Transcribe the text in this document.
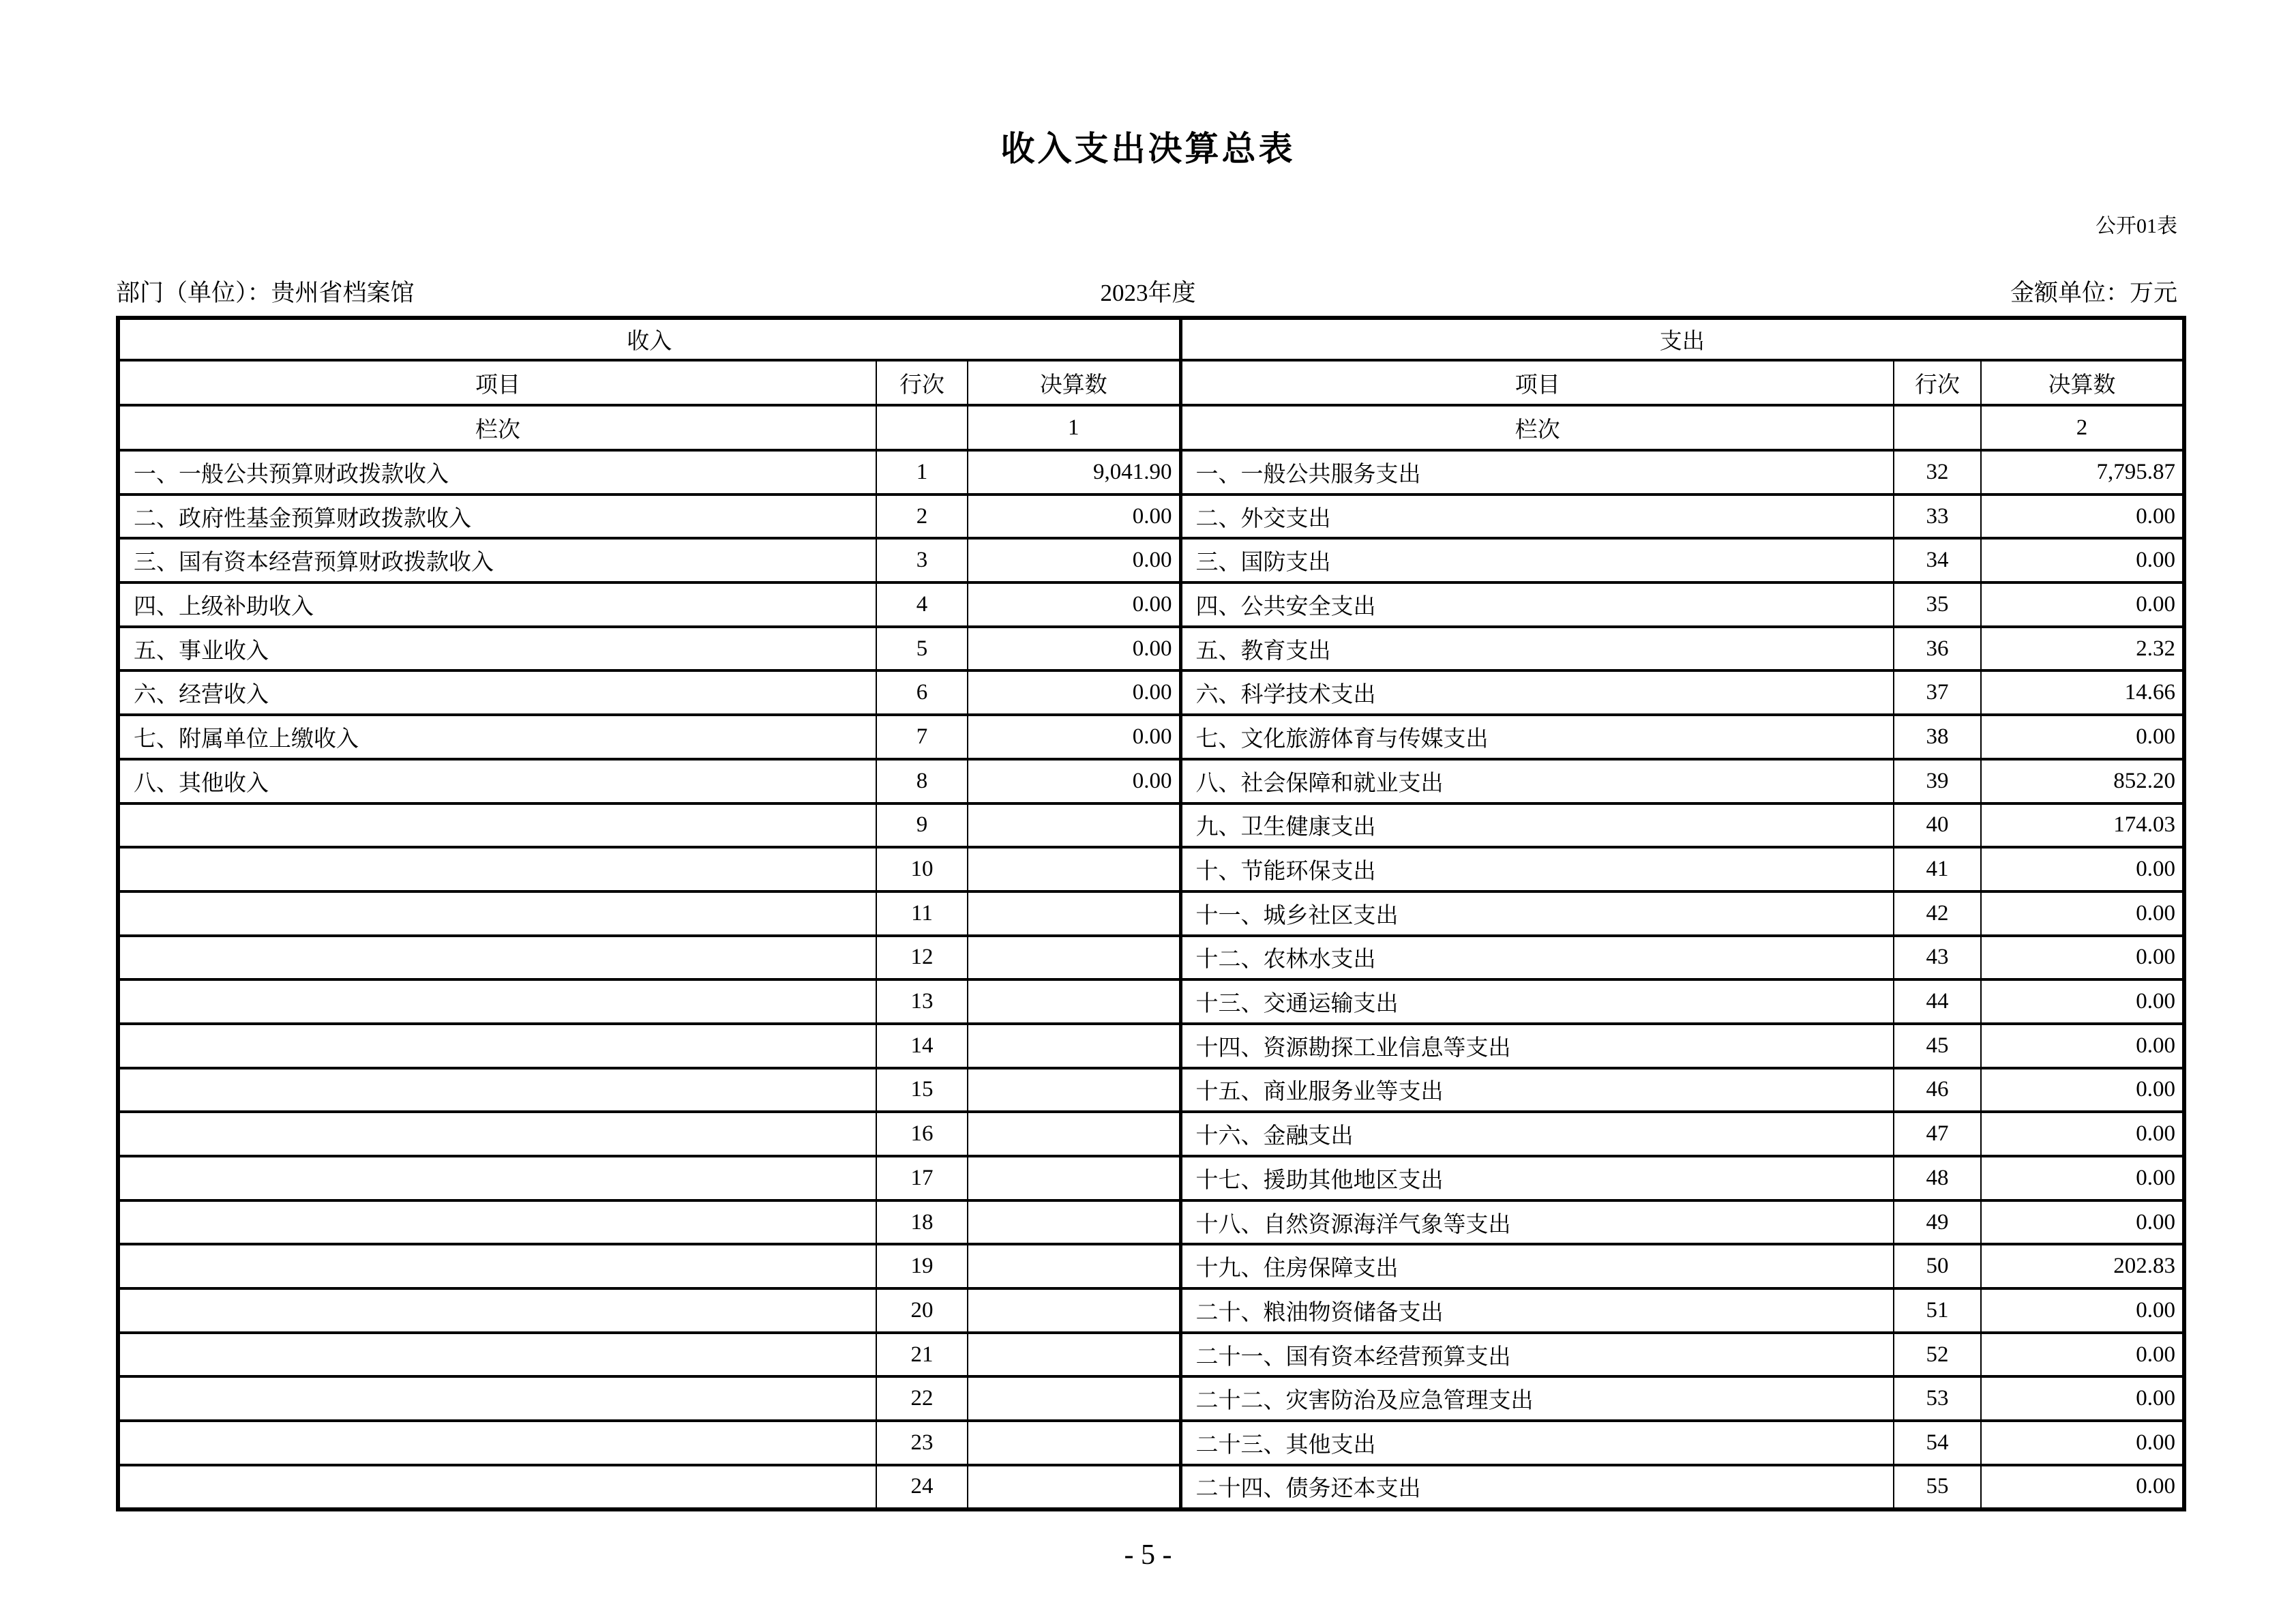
收入支出决算总表
公开01表
部门（单位）：贵州省档案馆	2023年度	金额单位：万元
收入			支出		
项目	行次	决算数	项目	行次	决算数
栏次		1	栏次		2
一、一般公共预算财政拨款收入	1	9,041.90	一、一般公共服务支出	32	7,795.87
二、政府性基金预算财政拨款收入	2	0.00	二、外交支出	33	0.00
三、国有资本经营预算财政拨款收入	3	0.00	三、国防支出	34	0.00
四、上级补助收入	4	0.00	四、公共安全支出	35	0.00
五、事业收入	5	0.00	五、教育支出	36	2.32
六、经营收入	6	0.00	六、科学技术支出	37	14.66
七、附属单位上缴收入	7	0.00	七、文化旅游体育与传媒支出	38	0.00
八、其他收入	8	0.00	八、社会保障和就业支出	39	852.20
	9		九、卫生健康支出	40	174.03
	10		十、节能环保支出	41	0.00
	11		十一、城乡社区支出	42	0.00
	12		十二、农林水支出	43	0.00
	13		十三、交通运输支出	44	0.00
	14		十四、资源勘探工业信息等支出	45	0.00
	15		十五、商业服务业等支出	46	0.00
	16		十六、金融支出	47	0.00
	17		十七、援助其他地区支出	48	0.00
	18		十八、自然资源海洋气象等支出	49	0.00
	19		十九、住房保障支出	50	202.83
	20		二十、粮油物资储备支出	51	0.00
	21		二十一、国有资本经营预算支出	52	0.00
	22		二十二、灾害防治及应急管理支出	53	0.00
	23		二十三、其他支出	54	0.00
	24		二十四、债务还本支出	55	0.00
- 5 -
